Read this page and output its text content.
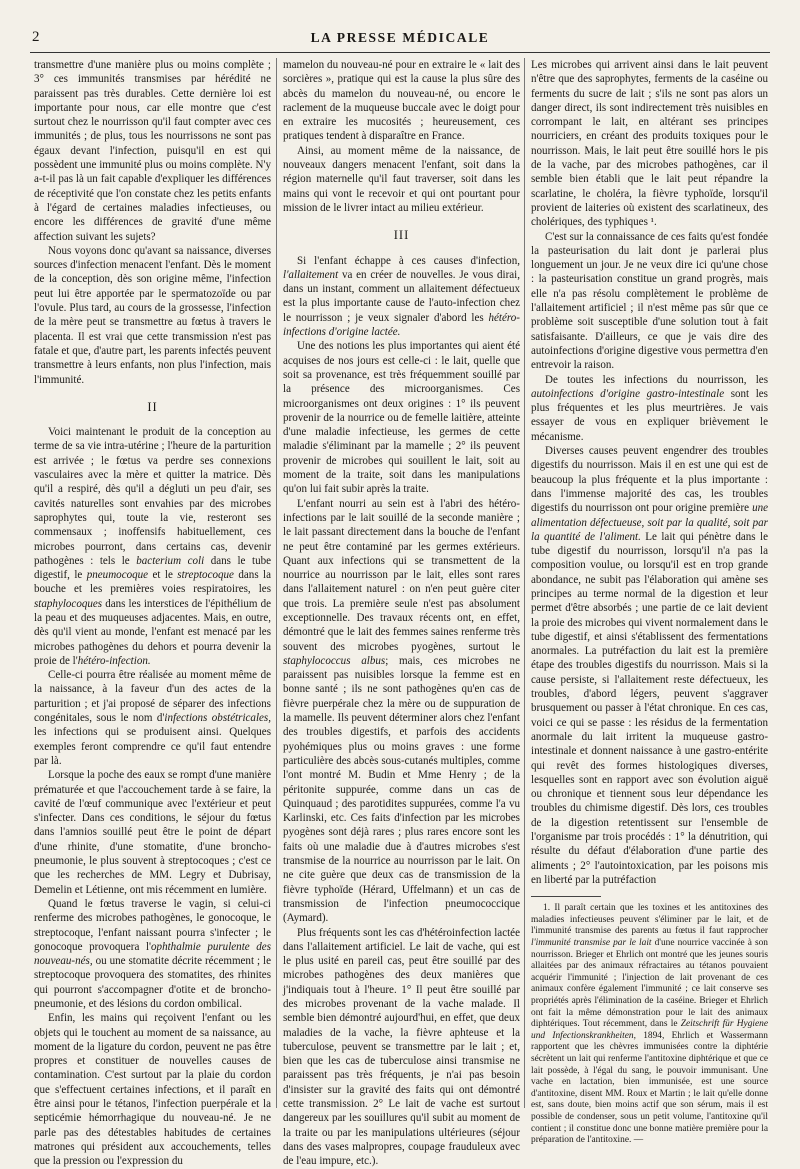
2	LA PRESSE MÉDICALE

transmettre d'une manière plus ou moins complète ; 3° ces immunités transmises par hérédité ne paraissent pas très durables. Cette dernière loi est importante pour nous, car elle montre que c'est surtout chez le nourrisson qu'il faut compter avec ces immunités ; de plus, tous les nourrissons ne sont pas égaux devant l'infection, puisqu'il en est qui possèdent une immunité plus ou moins complète. N'y a-t-il pas là un fait capable d'expliquer les différences de réceptivité que l'on constate chez les petits enfants à l'égard de certaines maladies infectieuses, ou encore les différences de gravité d'une même affection suivant les sujets?

Nous voyons donc qu'avant sa naissance, diverses sources d'infection menacent l'enfant. Dès le moment de la conception, dès son origine même, l'infection peut lui être apportée par le spermatozoïde ou par l'ovule. Plus tard, au cours de la grossesse, l'infection de la mère peut se transmettre au fœtus à travers le placenta. Il est vrai que cette transmission n'est pas fatale et que, d'autre part, les parents infectés peuvent transmettre à leurs enfants, non plus l'infection, mais l'immunité.

II

Voici maintenant le produit de la conception au terme de sa vie intra-utérine ; l'heure de la parturition est arrivée ; le fœtus va perdre ses connexions vasculaires avec la mère et quitter la matrice. Dès qu'il a respiré, dès qu'il a dégluti un peu d'air, ses cavités naturelles sont envahies par des microbes saprophytes qui, toute la vie, resteront ses commensaux ; inoffensifs habituellement, ces microbes pourront, dans certains cas, devenir pathogènes : tels le bacterium coli dans le tube digestif, le pneumocoque et le streptocoque dans la bouche et les premières voies respiratoires, les staphylocoques dans les interstices de l'épithélium de la peau et des muqueuses adjacentes. Mais, en outre, dès qu'il vient au monde, l'enfant est menacé par les microbes pathogènes du dehors et pourra devenir la proie de l'hétéro-infection.

Celle-ci pourra être réalisée au moment même de la naissance, à la faveur d'un des actes de la parturition ; et j'ai proposé de séparer des infections congénitales, sous le nom d'infections obstétricales, les infections qui se produisent ainsi. Quelques exemples feront comprendre ce qu'il faut entendre par là.

Lorsque la poche des eaux se rompt d'une manière prématurée et que l'accouchement tarde à se faire, la cavité de l'œuf communique avec l'extérieur et peut s'infecter. Dans ces conditions, le séjour du fœtus dans l'amnios souillé peut être le point de départ d'une rhinite, d'une stomatite, d'une broncho-pneumonie, le plus souvent à streptocoques ; c'est ce que les recherches de MM. Legry et Dubrisay, Demelin et Létienne, ont mis récemment en lumière.

Quand le fœtus traverse le vagin, si celui-ci renferme des microbes pathogènes, le gonocoque, le streptocoque, l'enfant naissant pourra s'infecter ; le gonocoque provoquera l'ophthalmie purulente des nouveau-nés, ou une stomatite décrite récemment ; le streptocoque provoquera des stomatites, des rhinites qui pourront s'accompagner d'otite et de broncho-pneumonie, et des lésions du cordon ombilical.

Enfin, les mains qui reçoivent l'enfant ou les objets qui le touchent au moment de sa naissance, au moment de la ligature du cordon, peuvent ne pas être propres et constituer de nouvelles causes de contamination. C'est surtout par la plaie du cordon que s'effectuent certaines infections, et il paraît en être ainsi pour le tétanos, l'infection puerpérale et la septicémie hémorrhagique du nouveau-né. Je ne parle pas des détestables habitudes de certaines matrones qui président aux accouchements, telles que la pression ou l'expression du

mamelon du nouveau-né pour en extraire le « lait des sorcières », pratique qui est la cause la plus sûre des abcès du mamelon du nouveau-né, ou encore le raclement de la muqueuse buccale avec le doigt pour en extraire les mucosités ; heureusement, ces pratiques tendent à disparaître en France.

Ainsi, au moment même de la naissance, de nouveaux dangers menacent l'enfant, soit dans la région maternelle qu'il faut traverser, soit dans les mains qui vont le recevoir et qui ont pourtant pour mission de le livrer intact au milieu extérieur.

III

Si l'enfant échappe à ces causes d'infection, l'allaitement va en créer de nouvelles. Je vous dirai, dans un instant, comment un allaitement défectueux est la plus importante cause de l'auto-infection chez le nourrisson ; je veux signaler d'abord les hétéro-infections d'origine lactée.

Une des notions les plus importantes qui aient été acquises de nos jours est celle-ci : le lait, quelle que soit sa provenance, est très fréquemment souillé par la présence des microorganismes. Ces microorganismes ont deux origines : 1° ils peuvent provenir de la nourrice ou de femelle laitière, atteinte d'une maladie infectieuse, les germes de cette maladie s'éliminant par la mamelle ; 2° ils peuvent provenir de microbes qui souillent le lait, soit au moment de la traite, soit dans les manipulations qu'on lui fait subir après la traite.

L'enfant nourri au sein est à l'abri des hétéro-infections par le lait souillé de la seconde manière ; le lait passant directement dans la bouche de l'enfant ne peut être contaminé par les germes extérieurs. Quant aux infections qui se transmettent de la nourrice au nourrisson par le lait, elles sont rares dans l'allaitement naturel : on n'en peut guère citer que trois. La première seule n'est pas absolument exceptionnelle. Des travaux récents ont, en effet, démontré que le lait des femmes saines renferme très souvent des microbes pyogènes, surtout le staphylococcus albus; mais, ces microbes ne paraissent pas nuisibles lorsque la femme est en bonne santé ; ils ne sont pathogènes qu'en cas de fièvre puerpérale chez la mère ou de suppuration de la mamelle. Ils peuvent déterminer alors chez l'enfant des troubles digestifs, et parfois des accidents pyohémiques plus ou moins graves : une forme particulière des abcès sous-cutanés multiples, comme l'ont montré M. Budin et Mme Henry ; de la péritonite suppurée, comme dans un cas de Quinquaud ; des parotidites suppurées, comme l'a vu Karlinski, etc. Ces faits d'infection par les microbes pyogènes sont déjà rares ; plus rares encore sont les faits où une maladie due à d'autres microbes s'est transmise de la nourrice au nourrisson par le lait. On ne cite guère que deux cas de transmission de la fièvre typhoïde (Hérard, Uffelmann) et un cas de transmission de l'infection pneumococcique (Aymard).

Plus fréquents sont les cas d'hétéroinfection lactée dans l'allaitement artificiel. Le lait de vache, qui est le plus usité en pareil cas, peut être souillé par des microbes pathogènes des deux manières que j'indiquais tout à l'heure. 1° Il peut être souillé par des microbes provenant de la vache malade. Il semble bien démontré aujourd'hui, en effet, que deux maladies de la vache, la fièvre aphteuse et la tuberculose, peuvent se transmettre par le lait ; et, bien que les cas de tuberculose ainsi transmise ne paraissent pas très fréquents, je n'ai pas besoin d'insister sur la gravité des faits qui ont démontré cette transmission. 2° Le lait de vache est surtout dangereux par les souillures qu'il subit au moment de la traite ou par les manipulations ultérieures (séjour dans des vases malpropres, coupage frauduleux avec de l'eau impure, etc.).

Les microbes qui arrivent ainsi dans le lait peuvent n'être que des saprophytes, ferments de la caséine ou ferments du sucre de lait ; s'ils ne sont pas alors un danger direct, ils sont indirectement très nuisibles en corrompant le lait, en altérant ses principes nourriciers, en créant des produits toxiques pour le nourrisson. Mais, le lait peut être souillé hors le pis de la vache, par des microbes pathogènes, car il semble bien établi que le lait peut répandre la scarlatine, le choléra, la fièvre typhoïde, lorsqu'il provient de laiteries où existent des scarlatineux, des cholériques, des typhiques ¹.

C'est sur la connaissance de ces faits qu'est fondée la pasteurisation du lait dont je parlerai plus longuement un jour. Je ne veux dire ici qu'une chose : la pasteurisation constitue un grand progrès, mais elle n'a pas résolu complètement le problème de l'allaitement artificiel ; il n'est même pas sûr que ce problème soit susceptible d'une solution tout à fait satisfaisante. D'ailleurs, ce que je vais dire des autoinfections d'origine digestive vous permettra d'en entrevoir la raison.

De toutes les infections du nourrisson, les autoinfections d'origine gastro-intestinale sont les plus fréquentes et les plus meurtrières. Je vais essayer de vous en expliquer brièvement le mécanisme.

Diverses causes peuvent engendrer des troubles digestifs du nourrisson. Mais il en est une qui est de beaucoup la plus fréquente et la plus importante : dans l'immense majorité des cas, les troubles digestifs du nourrisson ont pour origine première une alimentation défectueuse, soit par la qualité, soit par la quantité de l'aliment. Le lait qui pénètre dans le tube digestif du nourrisson, lorsqu'il n'a pas la composition voulue, ou lorsqu'il est en trop grande abondance, ne subit pas l'élaboration qui amène ses principes au terme normal de la digestion et leur permet d'être absorbés ; une partie de ce lait devient la proie des microbes qui vivent normalement dans le tube digestif, et ainsi s'établissent des fermentations anormales. La putréfaction du lait est la première étape des troubles digestifs du nourrisson. Mais si la cause persiste, si l'allaitement reste défectueux, les troubles, d'abord légers, peuvent s'aggraver brusquement ou passer à l'état chronique. En ces cas, voici ce qui se passe : les résidus de la fermentation anormale du lait irritent la muqueuse gastro-intestinale et donnent naissance à une gastro-entérite qui revêt des formes histologiques diverses, lesquelles sont en rapport avec son évolution aiguë ou chronique et tiennent sous leur dépendance les troubles du chimisme digestif. Dès lors, ces troubles de la digestion retentissent sur l'ensemble de l'organisme par trois procédés : 1° la dénutrition, qui résulte du défaut d'élaboration d'une partie des aliments ; 2° l'autointoxication, par les poisons mis en liberté par la putréfaction

1. Il paraît certain que les toxines et les antitoxines des maladies infectieuses peuvent s'éliminer par le lait, et de l'immunité transmise des parents au fœtus il faut rapprocher l'immunité transmise par le lait d'une nourrice vaccinée à son nourrisson. Brieger et Ehrlich ont montré que les jeunes souris allaitées par des animaux réfractaires au tétanos pouvaient acquérir l'immunité ; l'injection de lait provenant de ces animaux confère également l'immunité ; ce lait conserve ses propriétés après l'élimination de la caséine. Brieger et Ehrlich ont fait la même démonstration pour le lait des animaux diphtériques. Tout récemment, dans le Zeitschrift für Hygiene und Infectionskrankheiten, 1894, Ehrlich et Wassermann rapportent que les chèvres immunisées contre la diphtérie sécrètent un lait qui renferme l'antitoxine diphtérique et que ce lait possède, à l'égal du sang, le pouvoir immunisant. Une vache en lactation, bien immunisée, est une source d'antitoxine, disent MM. Roux et Martin ; le lait qu'elle donne est, sans doute, bien moins actif que son sérum, mais il est possible de condenser, sous un petit volume, l'antitoxine qu'il contient ; il constitue donc une bonne matière première pour la préparation de l'antitoxine. —
